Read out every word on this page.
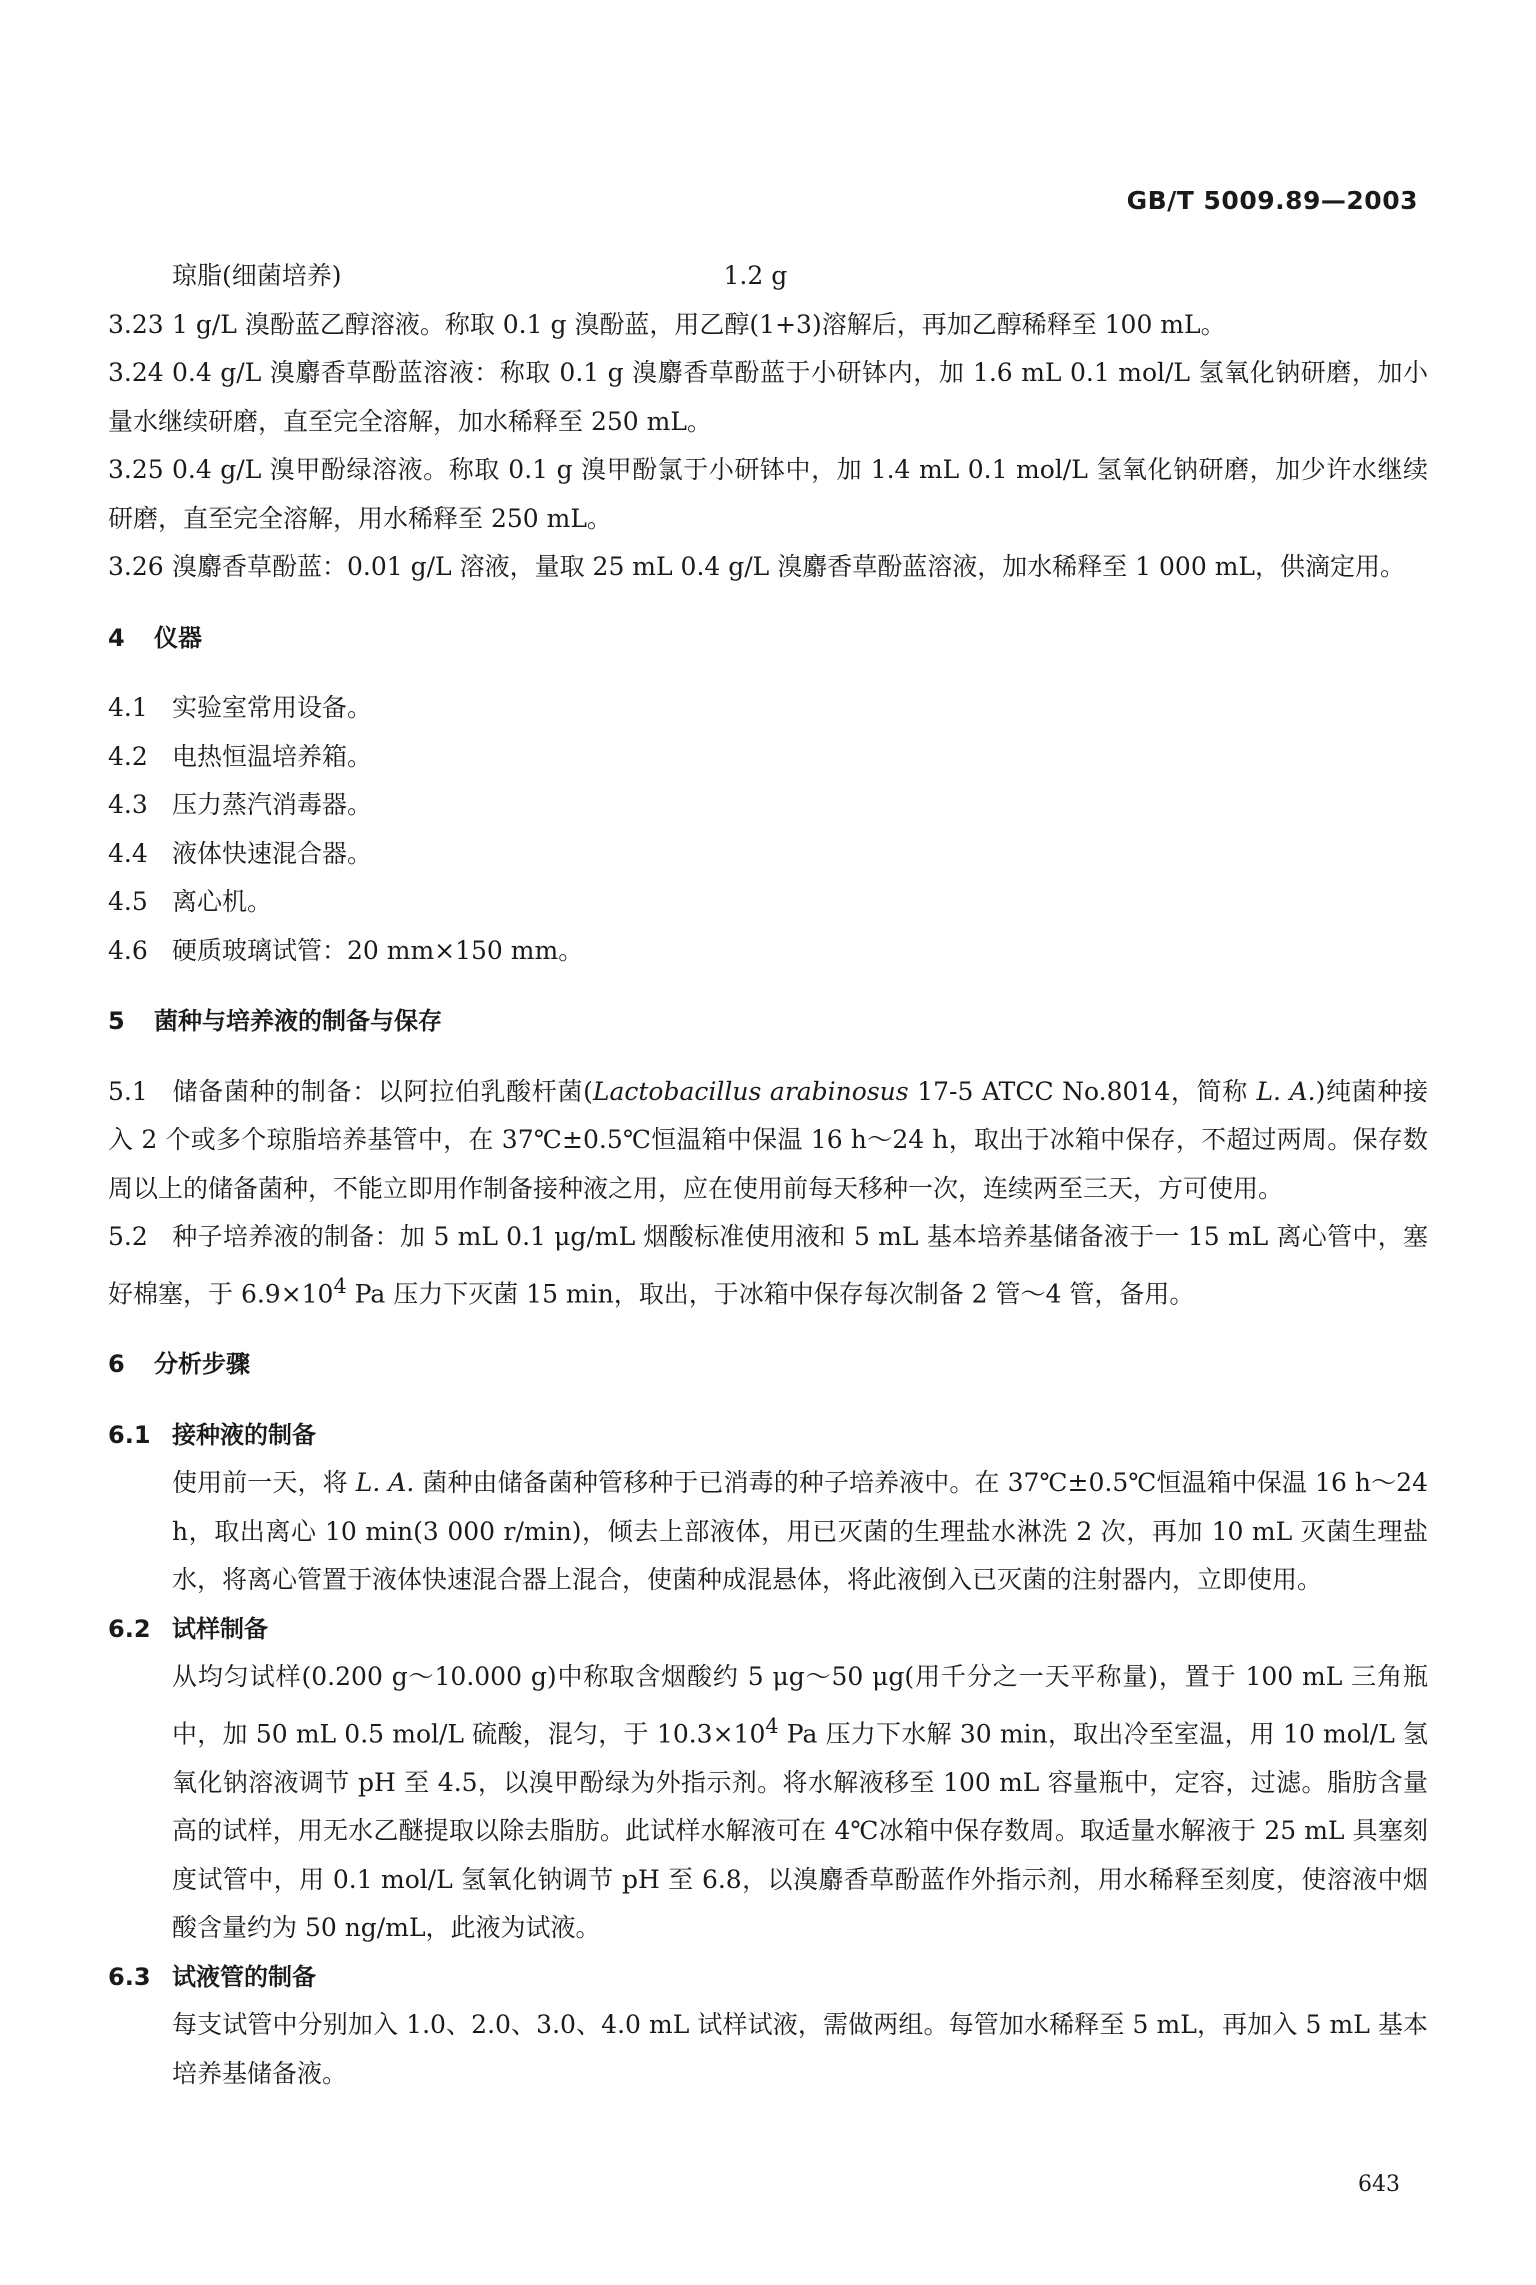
GB/T 5009.89—2003
琼脂(细菌培养)	1.2 g

3.23 1 g/L 溴酚蓝乙醇溶液。称取 0.1 g 溴酚蓝，用乙醇(1+3)溶解后，再加乙醇稀释至 100 mL。

3.24 0.4 g/L 溴麝香草酚蓝溶液：称取 0.1 g 溴麝香草酚蓝于小研钵内，加 1.6 mL 0.1 mol/L 氢氧化钠研磨，加小量水继续研磨，直至完全溶解，加水稀释至 250 mL。

3.25 0.4 g/L 溴甲酚绿溶液。称取 0.1 g 溴甲酚氯于小研钵中，加 1.4 mL 0.1 mol/L 氢氧化钠研磨，加少许水继续研磨，直至完全溶解，用水稀释至 250 mL。

3.26 溴麝香草酚蓝：0.01 g/L 溶液，量取 25 mL 0.4 g/L 溴麝香草酚蓝溶液，加水稀释至 1 000 mL，供滴定用。

4 仪器

4.1 实验室常用设备。

4.2 电热恒温培养箱。

4.3 压力蒸汽消毒器。

4.4 液体快速混合器。

4.5 离心机。

4.6 硬质玻璃试管：20 mm×150 mm。

5 菌种与培养液的制备与保存

5.1 储备菌种的制备：以阿拉伯乳酸杆菌(Lactobacillus arabinosus 17-5 ATCC No.8014，简称 L. A.)纯菌种接入 2 个或多个琼脂培养基管中，在 37℃±0.5℃恒温箱中保温 16 h～24 h，取出于冰箱中保存，不超过两周。保存数周以上的储备菌种，不能立即用作制备接种液之用，应在使用前每天移种一次，连续两至三天，方可使用。

5.2 种子培养液的制备：加 5 mL 0.1 μg/mL 烟酸标准使用液和 5 mL 基本培养基储备液于一 15 mL 离心管中，塞好棉塞，于 $6.9\times 10^4$ Pa 压力下灭菌 15 min，取出，于冰箱中保存每次制备 2 管～4 管，备用。

6 分析步骤

6.1 接种液的制备

使用前一天，将 L. A. 菌种由储备菌种管移种于已消毒的种子培养液中。在 37℃±0.5℃恒温箱中保温 16 h～24 h，取出离心 10 min(3 000 r/min)，倾去上部液体，用已灭菌的生理盐水淋洗 2 次，再加 10 mL 灭菌生理盐水，将离心管置于液体快速混合器上混合，使菌种成混悬体，将此液倒入已灭菌的注射器内，立即使用。

6.2 试样制备

从均匀试样(0.200 g～10.000 g)中称取含烟酸约 5 μg～50 μg(用千分之一天平称量)，置于 100 mL 三角瓶中，加 50 mL 0.5 mol/L 硫酸，混匀，于 $10.3\times 10^4$ Pa 压力下水解 30 min，取出冷至室温，用 10 mol/L 氢氧化钠溶液调节 pH 至 4.5，以溴甲酚绿为外指示剂。将水解液移至 100 mL 容量瓶中，定容，过滤。脂肪含量高的试样，用无水乙醚提取以除去脂肪。此试样水解液可在 4℃冰箱中保存数周。取适量水解液于 25 mL 具塞刻度试管中，用 0.1 mol/L 氢氧化钠调节 pH 至 6.8，以溴麝香草酚蓝作外指示剂，用水稀释至刻度，使溶液中烟酸含量约为 50 ng/mL，此液为试液。

6.3 试液管的制备

每支试管中分别加入 1.0、2.0、3.0、4.0 mL 试样试液，需做两组。每管加水稀释至 5 mL，再加入 5 mL 基本培养基储备液。

643
